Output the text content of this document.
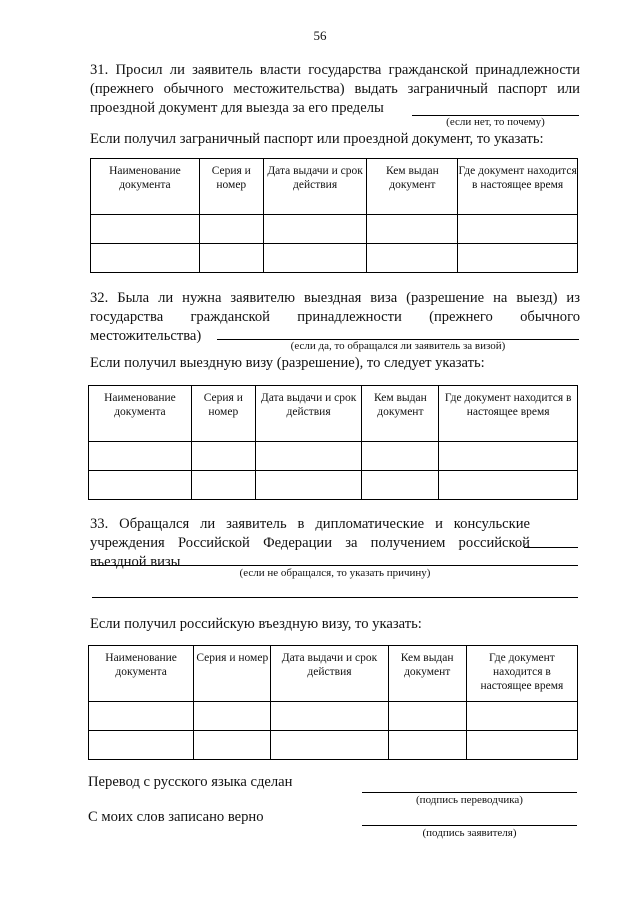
56
31. Просил ли заявитель власти государства гражданской принадлежности (прежнего обычного местожительства) выдать заграничный паспорт или проездной документ для выезда за его пределы
(если нет, то почему)
Если получил заграничный паспорт или проездной документ, то указать:
Наименование документа	Серия и номер	Дата выдачи и срок действия	Кем выдан документ	Где документ находится в настоящее время

32. Была ли нужна заявителю выездная виза (разрешение на выезд) из государства гражданской принадлежности (прежнего обычного местожительства)
(если да, то обращался ли заявитель за визой)
Если получил выездную визу (разрешение), то следует указать:
Наименование документа	Серия и номер	Дата выдачи и срок действия	Кем выдан документ	Где документ находится в настоящее время

33. Обращался ли заявитель в дипломатические и консульские учреждения Российской Федерации за получением российской въездной визы
(если не обращался, то указать причину)
Если получил российскую въездную визу, то указать:
Наименование документа	Серия и номер	Дата выдачи и срок действия	Кем выдан документ	Где документ находится в настоящее время

Перевод с русского языка сделан
(подпись переводчика)
С моих слов записано верно
(подпись заявителя)
